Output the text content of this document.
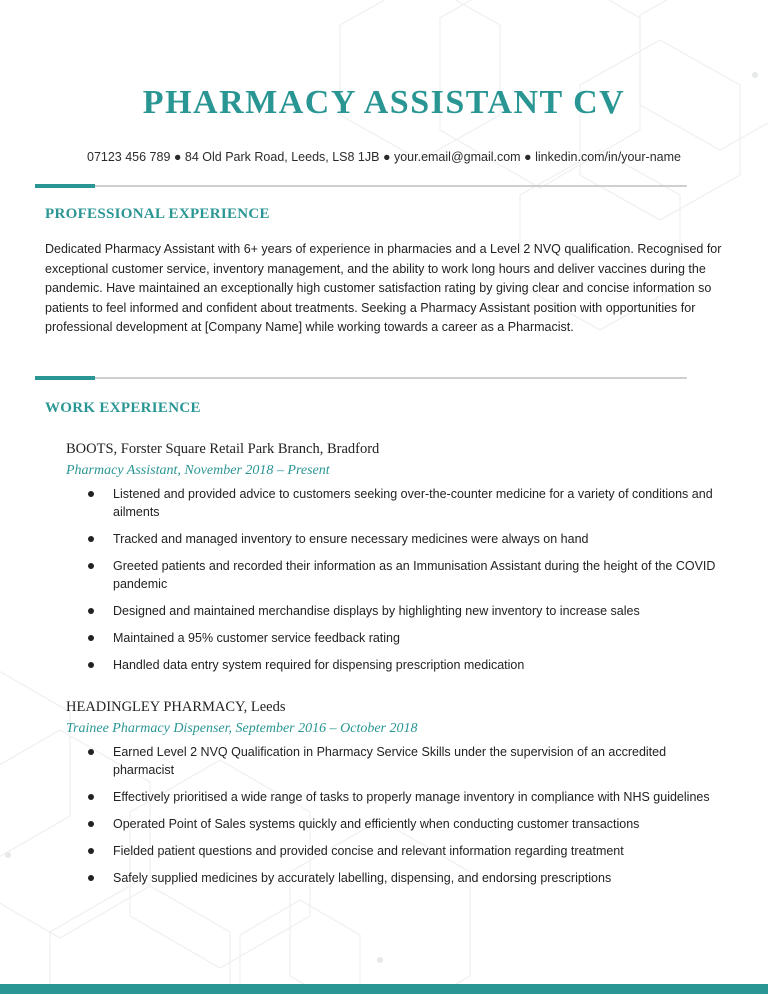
PHARMACY ASSISTANT CV
07123 456 789 ● 84 Old Park Road, Leeds, LS8 1JB ● your.email@gmail.com ● linkedin.com/in/your-name
PROFESSIONAL EXPERIENCE

Dedicated Pharmacy Assistant with 6+ years of experience in pharmacies and a Level 2 NVQ qualification. Recognised for exceptional customer service, inventory management, and the ability to work long hours and deliver vaccines during the pandemic. Have maintained an exceptionally high customer satisfaction rating by giving clear and concise information so patients to feel informed and confident about treatments. Seeking a Pharmacy Assistant position with opportunities for professional development at [Company Name] while working towards a career as a Pharmacist.

WORK EXPERIENCE

BOOTS, Forster Square Retail Park Branch, Bradford

Pharmacy Assistant, November 2018 – Present

Listened and provided advice to customers seeking over-the-counter medicine for a variety of conditions and ailments
Tracked and managed inventory to ensure necessary medicines were always on hand
Greeted patients and recorded their information as an Immunisation Assistant during the height of the COVID pandemic
Designed and maintained merchandise displays by highlighting new inventory to increase sales
Maintained a 95% customer service feedback rating
Handled data entry system required for dispensing prescription medication

HEADINGLEY PHARMACY, Leeds

Trainee Pharmacy Dispenser, September 2016 – October 2018

Earned Level 2 NVQ Qualification in Pharmacy Service Skills under the supervision of an accredited pharmacist
Effectively prioritised a wide range of tasks to properly manage inventory in compliance with NHS guidelines
Operated Point of Sales systems quickly and efficiently when conducting customer transactions
Fielded patient questions and provided concise and relevant information regarding treatment
Safely supplied medicines by accurately labelling, dispensing, and endorsing prescriptions
